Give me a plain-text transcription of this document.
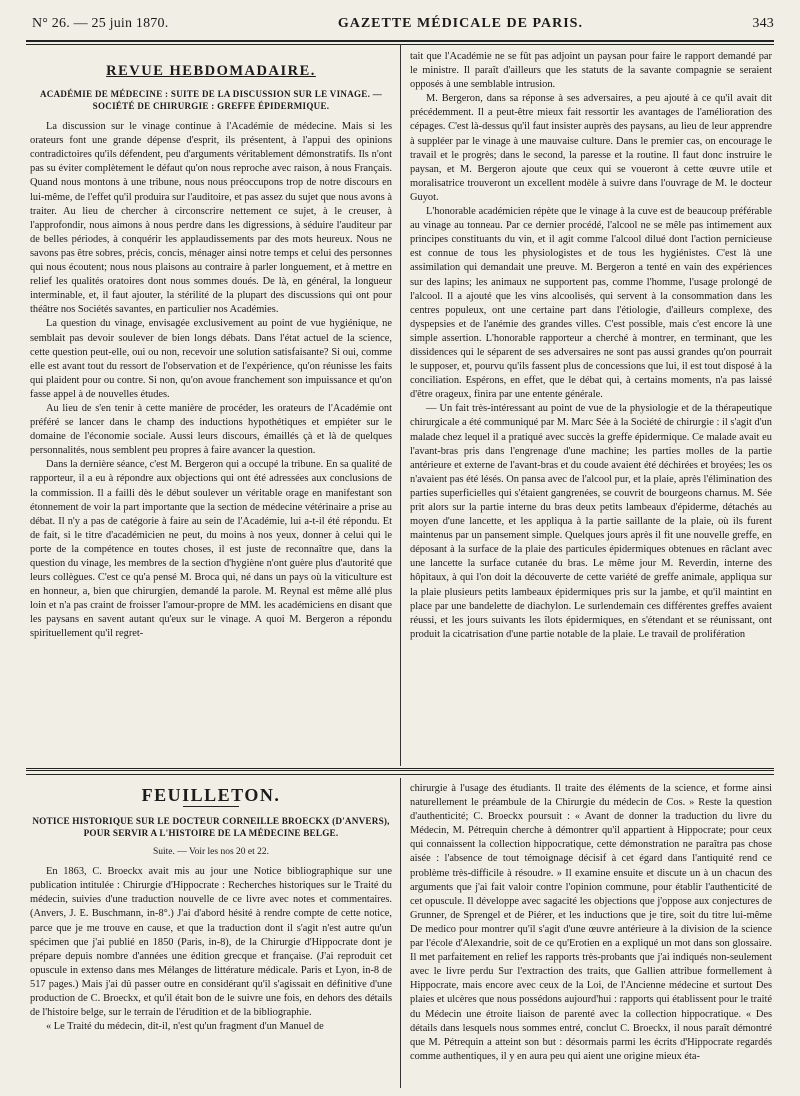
N° 26. — 25 juin 1870.	GAZETTE MÉDICALE DE PARIS.	343
REVUE HEBDOMADAIRE.
ACADÉMIE DE MÉDECINE : SUITE DE LA DISCUSSION SUR LE VINAGE. —
SOCIÉTÉ DE CHIRURGIE : GREFFE ÉPIDERMIQUE.

La discussion sur le vinage continue à l'Académie de médecine. Mais si les orateurs font une grande dépense d'esprit, ils présentent, à l'appui des opinions contradictoires qu'ils défendent, peu d'arguments véritablement démonstratifs. Ils n'ont pas su éviter complètement le défaut qu'on nous reproche avec raison, à nous Français. Quand nous montons à une tribune, nous nous préoccupons trop de notre discours en lui-même, de l'effet qu'il produira sur l'auditoire, et pas assez du sujet que nous avons à traiter. Au lieu de chercher à circonscrire nettement ce sujet, à le creuser, à l'approfondir, nous aimons à nous perdre dans les digressions, à séduire l'auditeur par de belles périodes, à conquérir les applaudissements par des mots heureux. Nous ne savons pas être sobres, précis, concis, ménager ainsi notre temps et celui des personnes qui nous écoutent; nous nous plaisons au contraire à parler longuement, et à mettre en relief les qualités oratoires dont nous sommes doués. De là, en général, la longueur interminable, et, il faut ajouter, la stérilité de la plupart des discussions qui ont pour théâtre nos Sociétés savantes, en particulier nos Académies.

La question du vinage, envisagée exclusivement au point de vue hygiénique, ne semblait pas devoir soulever de bien longs débats. Dans l'état actuel de la science, cette question peut-elle, oui ou non, recevoir une solution satisfaisante? Si oui, comme elle est avant tout du ressort de l'observation et de l'expérience, qu'on réunisse les faits qui plaident pour ou contre. Si non, qu'on avoue franchement son impuissance et qu'on fasse appel à de nouvelles études.

Au lieu de s'en tenir à cette manière de procéder, les orateurs de l'Académie ont préféré se lancer dans le champ des inductions hypothétiques et empiéter sur le domaine de l'économie sociale. Aussi leurs discours, émaillés çà et là de quelques personnalités, nous semblent peu propres à faire avancer la question.

Dans la dernière séance, c'est M. Bergeron qui a occupé la tribune. En sa qualité de rapporteur, il a eu à répondre aux objections qui ont été adressées aux conclusions de la commission. Il a failli dès le début soulever un véritable orage en manifestant son étonnement de voir la part importante que la section de médecine vétérinaire a prise au débat. Il n'y a pas de catégorie à faire au sein de l'Académie, lui a-t-il été répondu. Et de fait, si le titre d'académicien ne peut, du moins à nos yeux, donner à celui qui le porte de la compétence en toutes choses, il est juste de reconnaître que, dans la question du vinage, les membres de la section d'hygiène n'ont guère plus d'autorité que leurs collègues. C'est ce qu'a pensé M. Broca qui, né dans un pays où la viticulture est en honneur, a, bien que chirurgien, demandé la parole. M. Reynal est même allé plus loin et n'a pas craint de froisser l'amour-propre de MM. les académiciens en disant que les paysans en savent autant qu'eux sur le vinage. A quoi M. Bergeron a répondu spirituellement qu'il regret-

tait que l'Académie ne se fût pas adjoint un paysan pour faire le rapport demandé par le ministre. Il paraît d'ailleurs que les statuts de la savante compagnie se seraient opposés à une semblable intrusion.

M. Bergeron, dans sa réponse à ses adversaires, a peu ajouté à ce qu'il avait dit précédemment. Il a peut-être mieux fait ressortir les avantages de l'amélioration des cépages. C'est là-dessus qu'il faut insister auprès des paysans, au lieu de leur apprendre à suppléer par le vinage à une mauvaise culture. Dans le premier cas, on encourage le travail et le progrès; dans le second, la paresse et la routine. Il faut donc instruire le paysan, et M. Bergeron ajoute que ceux qui se voueront à cette œuvre utile et moralisatrice trouveront un excellent modèle à suivre dans l'ouvrage de M. le docteur Guyot.

L'honorable académicien répète que le vinage à la cuve est de beaucoup préférable au vinage au tonneau. Par ce dernier procédé, l'alcool ne se mêle pas intimement aux principes constituants du vin, et il agit comme l'alcool dilué dont l'action pernicieuse est connue de tous les physiologistes et de tous les hygiénistes. C'est là une assimilation qui demandait une preuve. M. Bergeron a tenté en vain des expériences sur des lapins; les animaux ne supportent pas, comme l'homme, l'usage prolongé de l'alcool. Il a ajouté que les vins alcoolisés, qui servent à la consommation dans les centres populeux, ont une certaine part dans l'étiologie, d'ailleurs complexe, des dyspepsies et de l'anémie des grandes villes. C'est possible, mais c'est encore là une simple assertion. L'honorable rapporteur a cherché à montrer, en terminant, que les dissidences qui le séparent de ses adversaires ne sont pas aussi grandes qu'on pourrait le supposer, et, pourvu qu'ils fassent plus de concessions que lui, il est tout disposé à la conciliation. Espérons, en effet, que le débat qui, à certains moments, n'a pas laissé d'être orageux, finira par une entente générale.

— Un fait très-intéressant au point de vue de la physiologie et de la thérapeutique chirurgicale a été communiqué par M. Marc Sée à la Société de chirurgie : il s'agit d'un malade chez lequel il a pratiqué avec succès la greffe épidermique. Ce malade avait eu l'avant-bras pris dans l'engrenage d'une machine; les parties molles de la partie antérieure et externe de l'avant-bras et du coude avaient été déchirées et broyées; les os n'avaient pas été lésés. On pansa avec de l'alcool pur, et la plaie, après l'élimination des parties superficielles qui s'étaient gangrenées, se couvrit de bourgeons charnus. M. Sée prit alors sur la partie interne du bras deux petits lambeaux d'épiderme, détachés au moyen d'une lancette, et les appliqua à la partie saillante de la plaie, où ils furent maintenus par un pansement simple. Quelques jours après il fit une nouvelle greffe, en déposant à la surface de la plaie des particules épidermiques obtenues en râclant avec une lancette la surface cutanée du bras. Le même jour M. Reverdin, interne des hôpitaux, à qui l'on doit la découverte de cette variété de greffe animale, appliqua sur la plaie plusieurs petits lambeaux épidermiques pris sur la jambe, et qu'il maintint en place par une bandelette de diachylon. Le surlendemain ces différentes greffes avaient réussi, et les jours suivants les îlots épidermiques, en s'étendant et se réunissant, ont produit la cicatrisation d'une partie notable de la plaie. Le travail de prolifération

FEUILLETON.
NOTICE HISTORIQUE SUR LE DOCTEUR CORNEILLE BROECKX (D'ANVERS),
POUR SERVIR A L'HISTOIRE DE LA MÉDECINE BELGE.
Suite. — Voir les nos 20 et 22.

En 1863, C. Broeckx avait mis au jour une Notice bibliographique sur une publication intitulée : Chirurgie d'Hippocrate : Recherches historiques sur le Traité du médecin, suivies d'une traduction nouvelle de ce livre avec notes et commentaires. (Anvers, J. E. Buschmann, in-8°.) J'ai d'abord hésité à rendre compte de cette notice, parce que je me trouve en cause, et que la traduction dont il s'agit n'est autre qu'un spécimen que j'ai publié en 1850 (Paris, in-8), de la Chirurgie d'Hippocrate dont je prépare depuis nombre d'années une édition grecque et française. (J'ai reproduit cet opuscule in extenso dans mes Mélanges de littérature médicale. Paris et Lyon, in-8 de 517 pages.) Mais j'ai dû passer outre en considérant qu'il s'agissait en définitive d'une production de C. Broeckx, et qu'il était bon de le suivre une fois, en dehors des détails de l'histoire belge, sur le terrain de l'érudition et de la bibliographie.

« Le Traité du médecin, dit-il, n'est qu'un fragment d'un Manuel de

chirurgie à l'usage des étudiants. Il traite des éléments de la science, et forme ainsi naturellement le préambule de la Chirurgie du médecin de Cos. » Reste la question d'authenticité; C. Broeckx poursuit : « Avant de donner la traduction du livre du Médecin, M. Pétrequin cherche à démontrer qu'il appartient à Hippocrate; pour ceux qui connaissent la collection hippocratique, cette démonstration ne paraîtra pas chose aisée : l'absence de tout témoignage décisif à cet égard dans l'antiquité rend ce problème très-difficile à résoudre. » Il examine ensuite et discute un à un chacun des arguments que j'ai fait valoir contre l'opinion commune, pour établir l'authenticité de cet opuscule. Il développe avec sagacité les objections que j'oppose aux conjectures de Grunner, de Sprengel et de Piérer, et les inductions que je tire, soit du titre lui-même De medico pour montrer qu'il s'agit d'une œuvre antérieure à la division de la science par l'école d'Alexandrie, soit de ce qu'Erotien en a expliqué un mot dans son glossaire. Il met parfaitement en relief les rapports très-probants que j'ai indiqués non-seulement avec le livre perdu Sur l'extraction des traits, que Gallien attribue formellement à Hippocrate, mais encore avec ceux de la Loi, de l'Ancienne médecine et surtout Des plaies et ulcères que nous possédons aujourd'hui : rapports qui établissent pour le traité du Médecin une étroite liaison de parenté avec la collection hippocratique. « Des détails dans lesquels nous sommes entré, conclut C. Broeckx, il nous paraît démontré que M. Pétrequin a atteint son but : désormais parmi les écrits d'Hippocrate regardés comme authentiques, il y en aura peu qui aient une origine mieux éta-
